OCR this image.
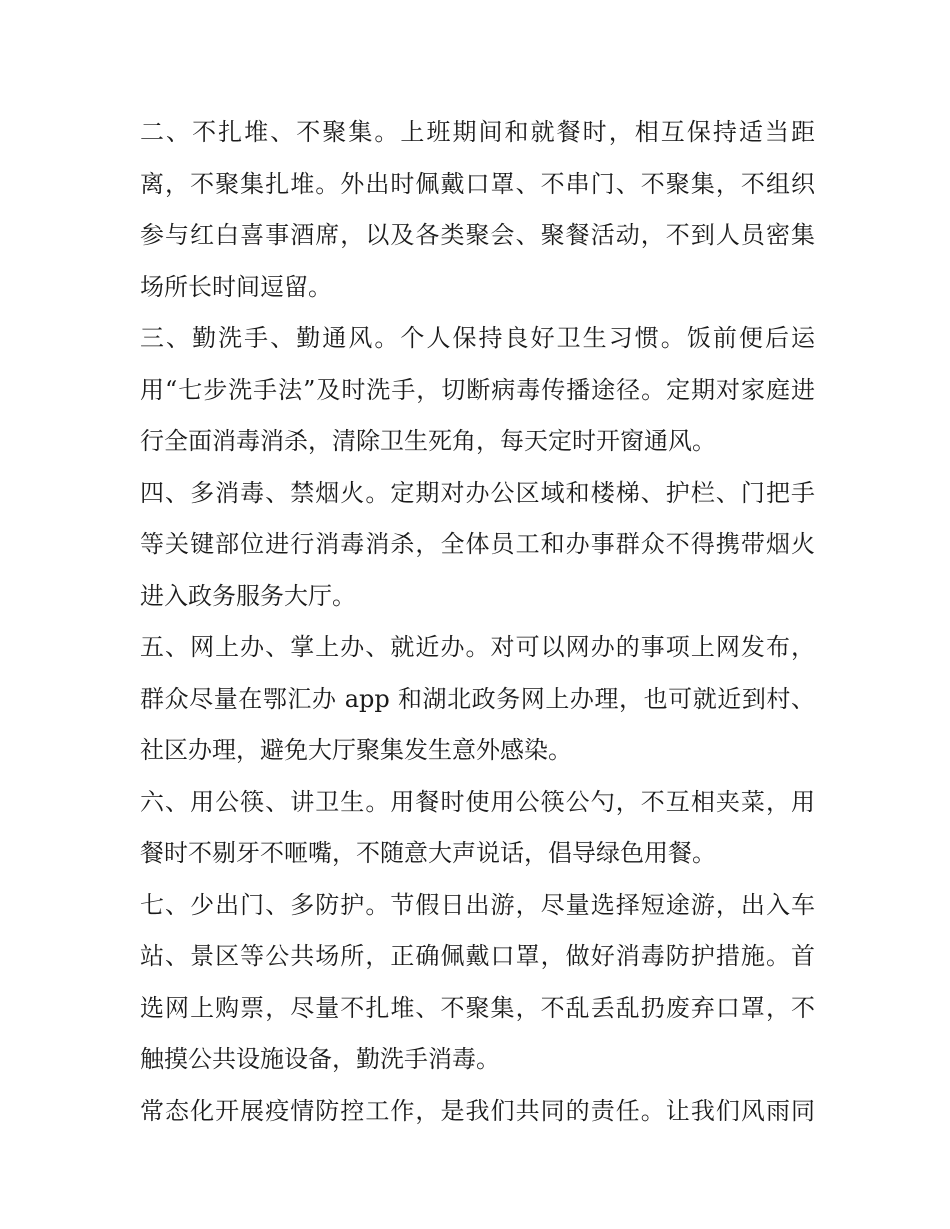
二、不扎堆、不聚集。上班期间和就餐时，相互保持适当距
离，不聚集扎堆。外出时佩戴口罩、不串门、不聚集，不组织
参与红白喜事酒席，以及各类聚会、聚餐活动，不到人员密集
场所长时间逗留。

三、勤洗手、勤通风。个人保持良好卫生习惯。饭前便后运
用“七步洗手法”及时洗手，切断病毒传播途径。定期对家庭进
行全面消毒消杀，清除卫生死角，每天定时开窗通风。

四、多消毒、禁烟火。定期对办公区域和楼梯、护栏、门把手
等关键部位进行消毒消杀，全体员工和办事群众不得携带烟火
进入政务服务大厅。

五、网上办、掌上办、就近办。对可以网办的事项上网发布，
群众尽量在鄂汇办 app 和湖北政务网上办理，也可就近到村、
社区办理，避免大厅聚集发生意外感染。

六、用公筷、讲卫生。用餐时使用公筷公勺，不互相夹菜，用
餐时不剔牙不咂嘴，不随意大声说话，倡导绿色用餐。

七、少出门、多防护。节假日出游，尽量选择短途游，出入车
站、景区等公共场所，正确佩戴口罩，做好消毒防护措施。首
选网上购票，尽量不扎堆、不聚集，不乱丢乱扔废弃口罩，不
触摸公共设施设备，勤洗手消毒。

常态化开展疫情防控工作，是我们共同的责任。让我们风雨同
